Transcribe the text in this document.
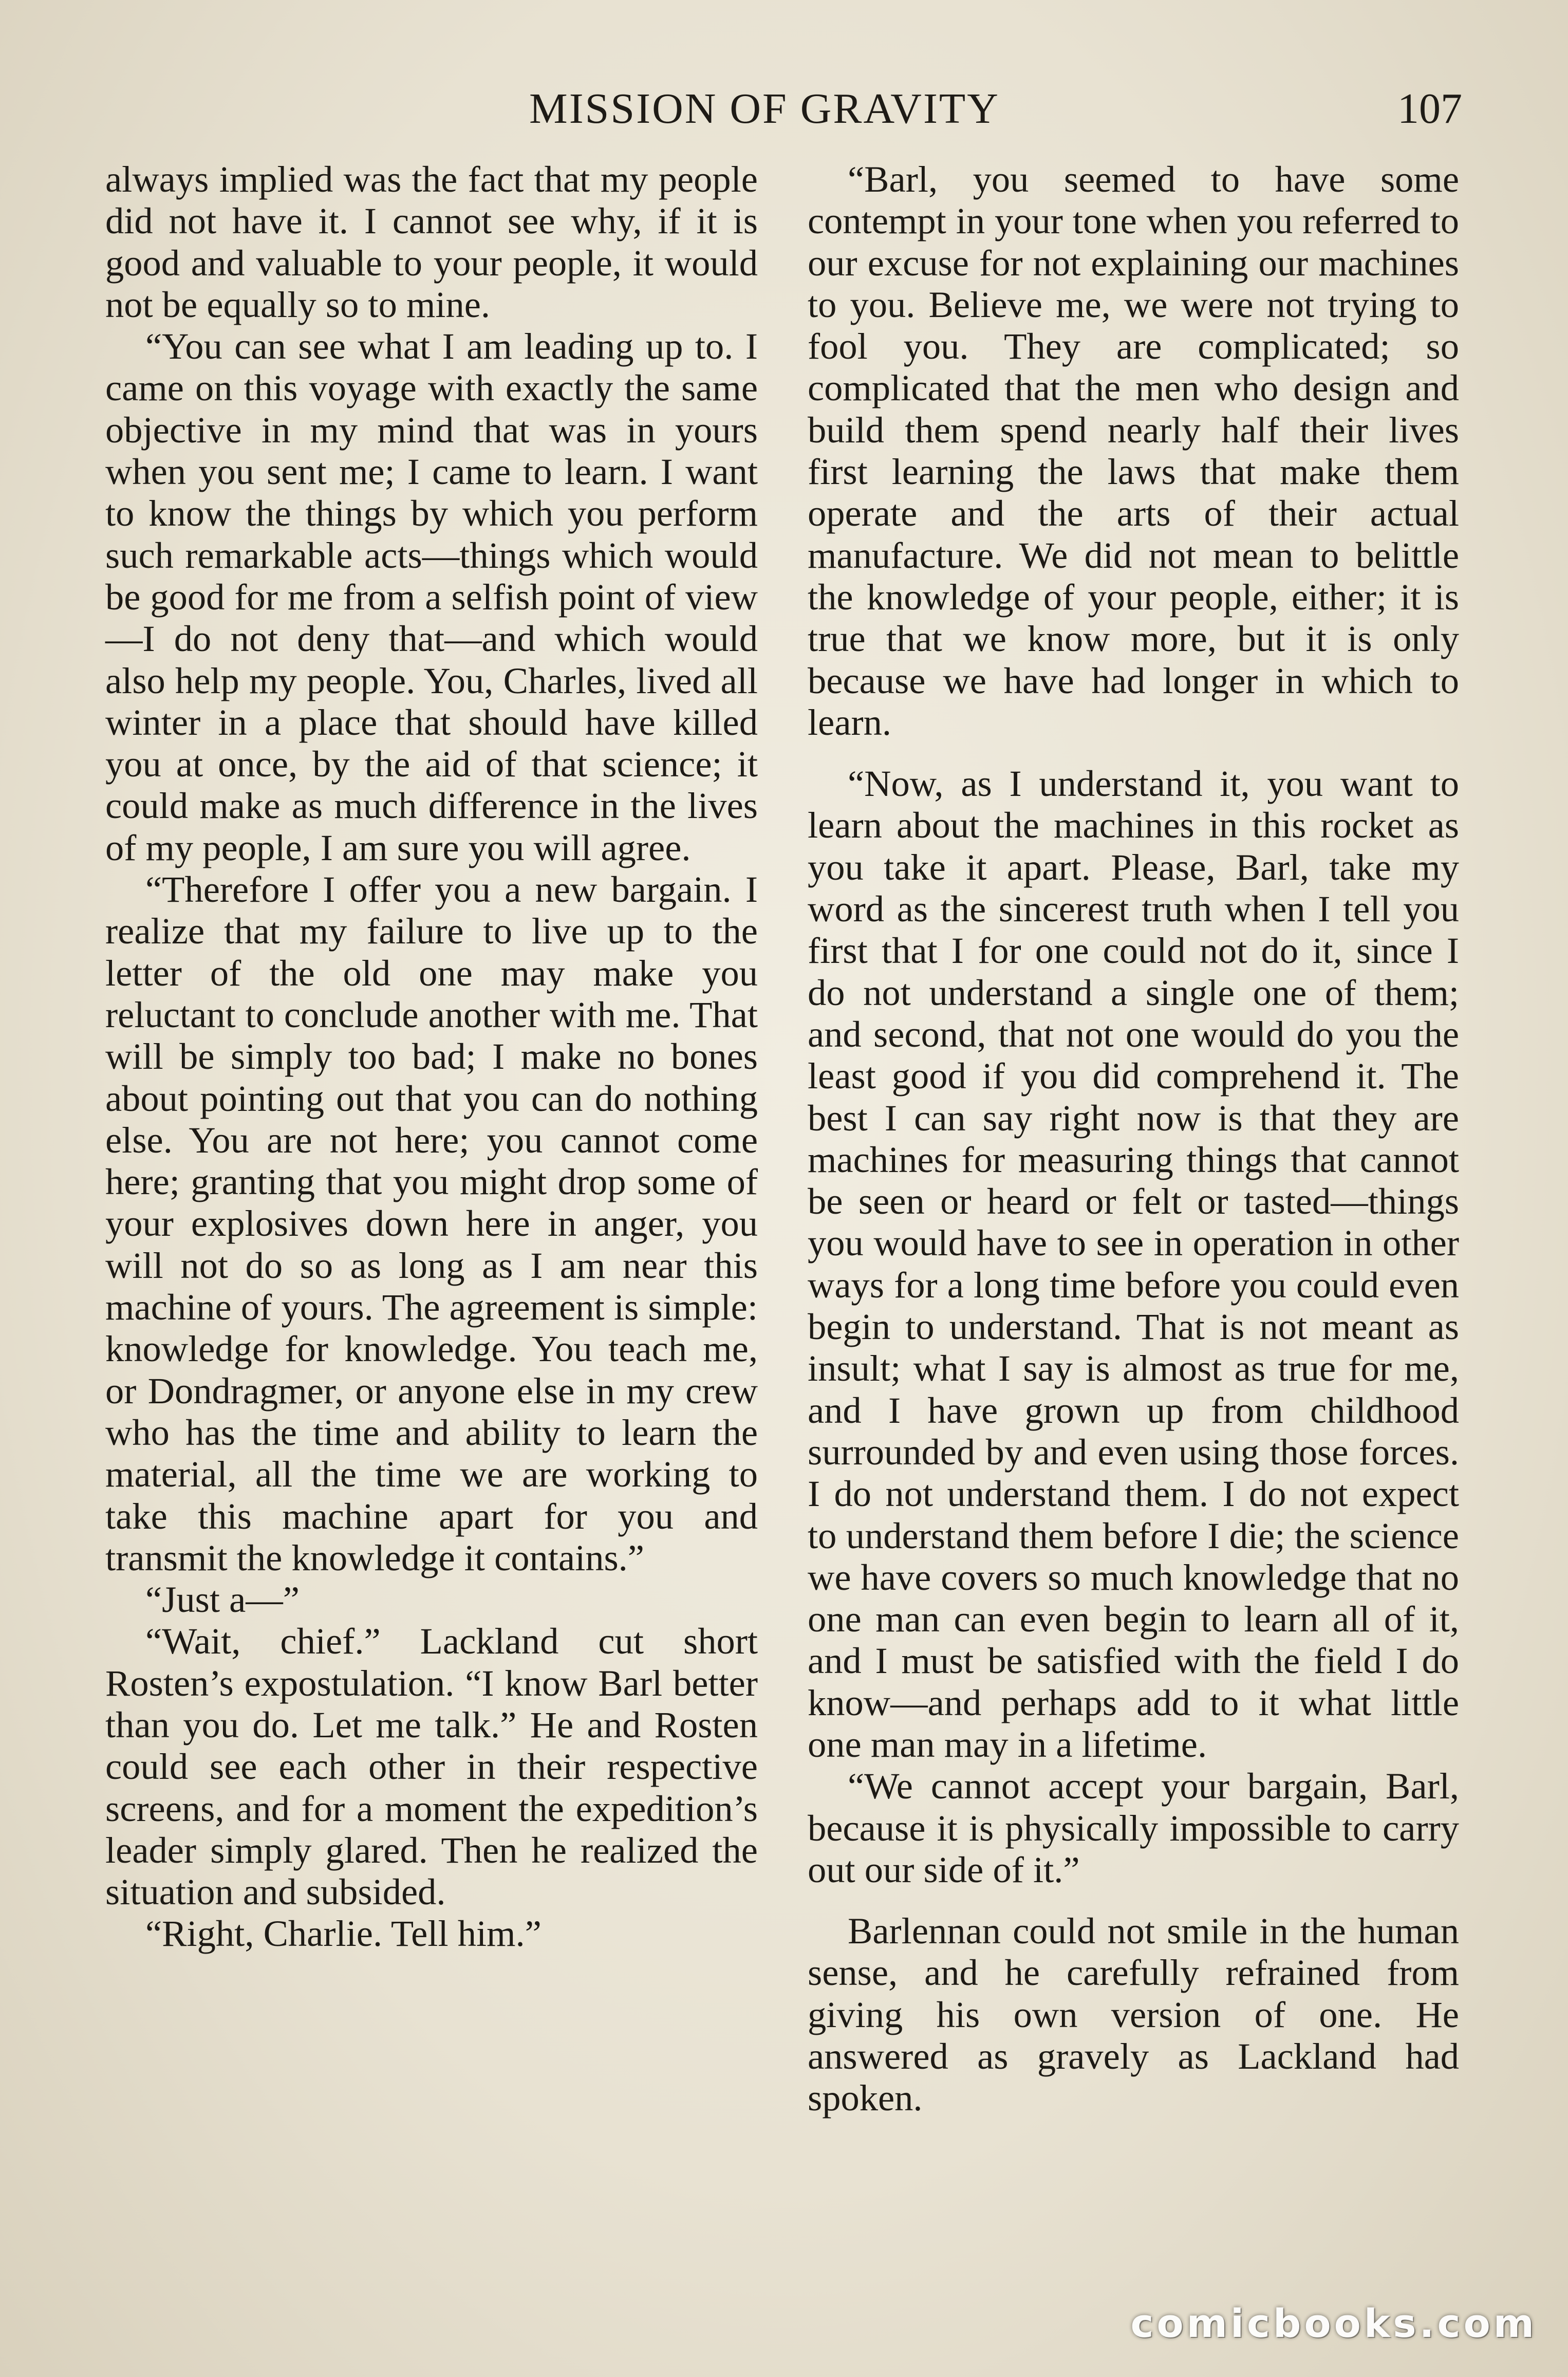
MISSION OF GRAVITY	107

always implied was the fact that my people did not have it. I cannot see why, if it is good and valuable to your people, it would not be equally so to mine.

“You can see what I am leading up to. I came on this voyage with exactly the same objective in my mind that was in yours when you sent me; I came to learn. I want to know the things by which you perform such remarkable acts—things which would be good for me from a selfish point of view—I do not deny that—and which would also help my people. You, Charles, lived all winter in a place that should have killed you at once, by the aid of that science; it could make as much difference in the lives of my people, I am sure you will agree.

“Therefore I offer you a new bargain. I realize that my failure to live up to the letter of the old one may make you reluctant to conclude another with me. That will be simply too bad; I make no bones about pointing out that you can do nothing else. You are not here; you cannot come here; granting that you might drop some of your explosives down here in anger, you will not do so as long as I am near this machine of yours. The agreement is simple: knowledge for knowledge. You teach me, or Dondragmer, or anyone else in my crew who has the time and ability to learn the material, all the time we are working to take this machine apart for you and transmit the knowledge it contains.”

“Just a—”

“Wait, chief.” Lackland cut short Rosten’s expostulation. “I know Barl better than you do. Let me talk.” He and Rosten could see each other in their respective screens, and for a moment the expedition’s leader simply glared. Then he realized the situation and subsided.

“Right, Charlie. Tell him.”

“Barl, you seemed to have some contempt in your tone when you referred to our excuse for not explaining our machines to you. Believe me, we were not trying to fool you. They are complicated; so complicated that the men who design and build them spend nearly half their lives first learning the laws that make them operate and the arts of their actual manufacture. We did not mean to belittle the knowledge of your people, either; it is true that we know more, but it is only because we have had longer in which to learn.

“Now, as I understand it, you want to learn about the machines in this rocket as you take it apart. Please, Barl, take my word as the sincerest truth when I tell you first that I for one could not do it, since I do not understand a single one of them; and second, that not one would do you the least good if you did comprehend it. The best I can say right now is that they are machines for measuring things that cannot be seen or heard or felt or tasted—things you would have to see in operation in other ways for a long time before you could even begin to understand. That is not meant as insult; what I say is almost as true for me, and I have grown up from childhood surrounded by and even using those forces. I do not understand them. I do not expect to understand them before I die; the science we have covers so much knowledge that no one man can even begin to learn all of it, and I must be satisfied with the field I do know—and perhaps add to it what little one man may in a lifetime.

“We cannot accept your bargain, Barl, because it is physically impossible to carry out our side of it.”

Barlennan could not smile in the human sense, and he carefully refrained from giving his own version of one. He answered as gravely as Lackland had spoken.

comicbooks.com
